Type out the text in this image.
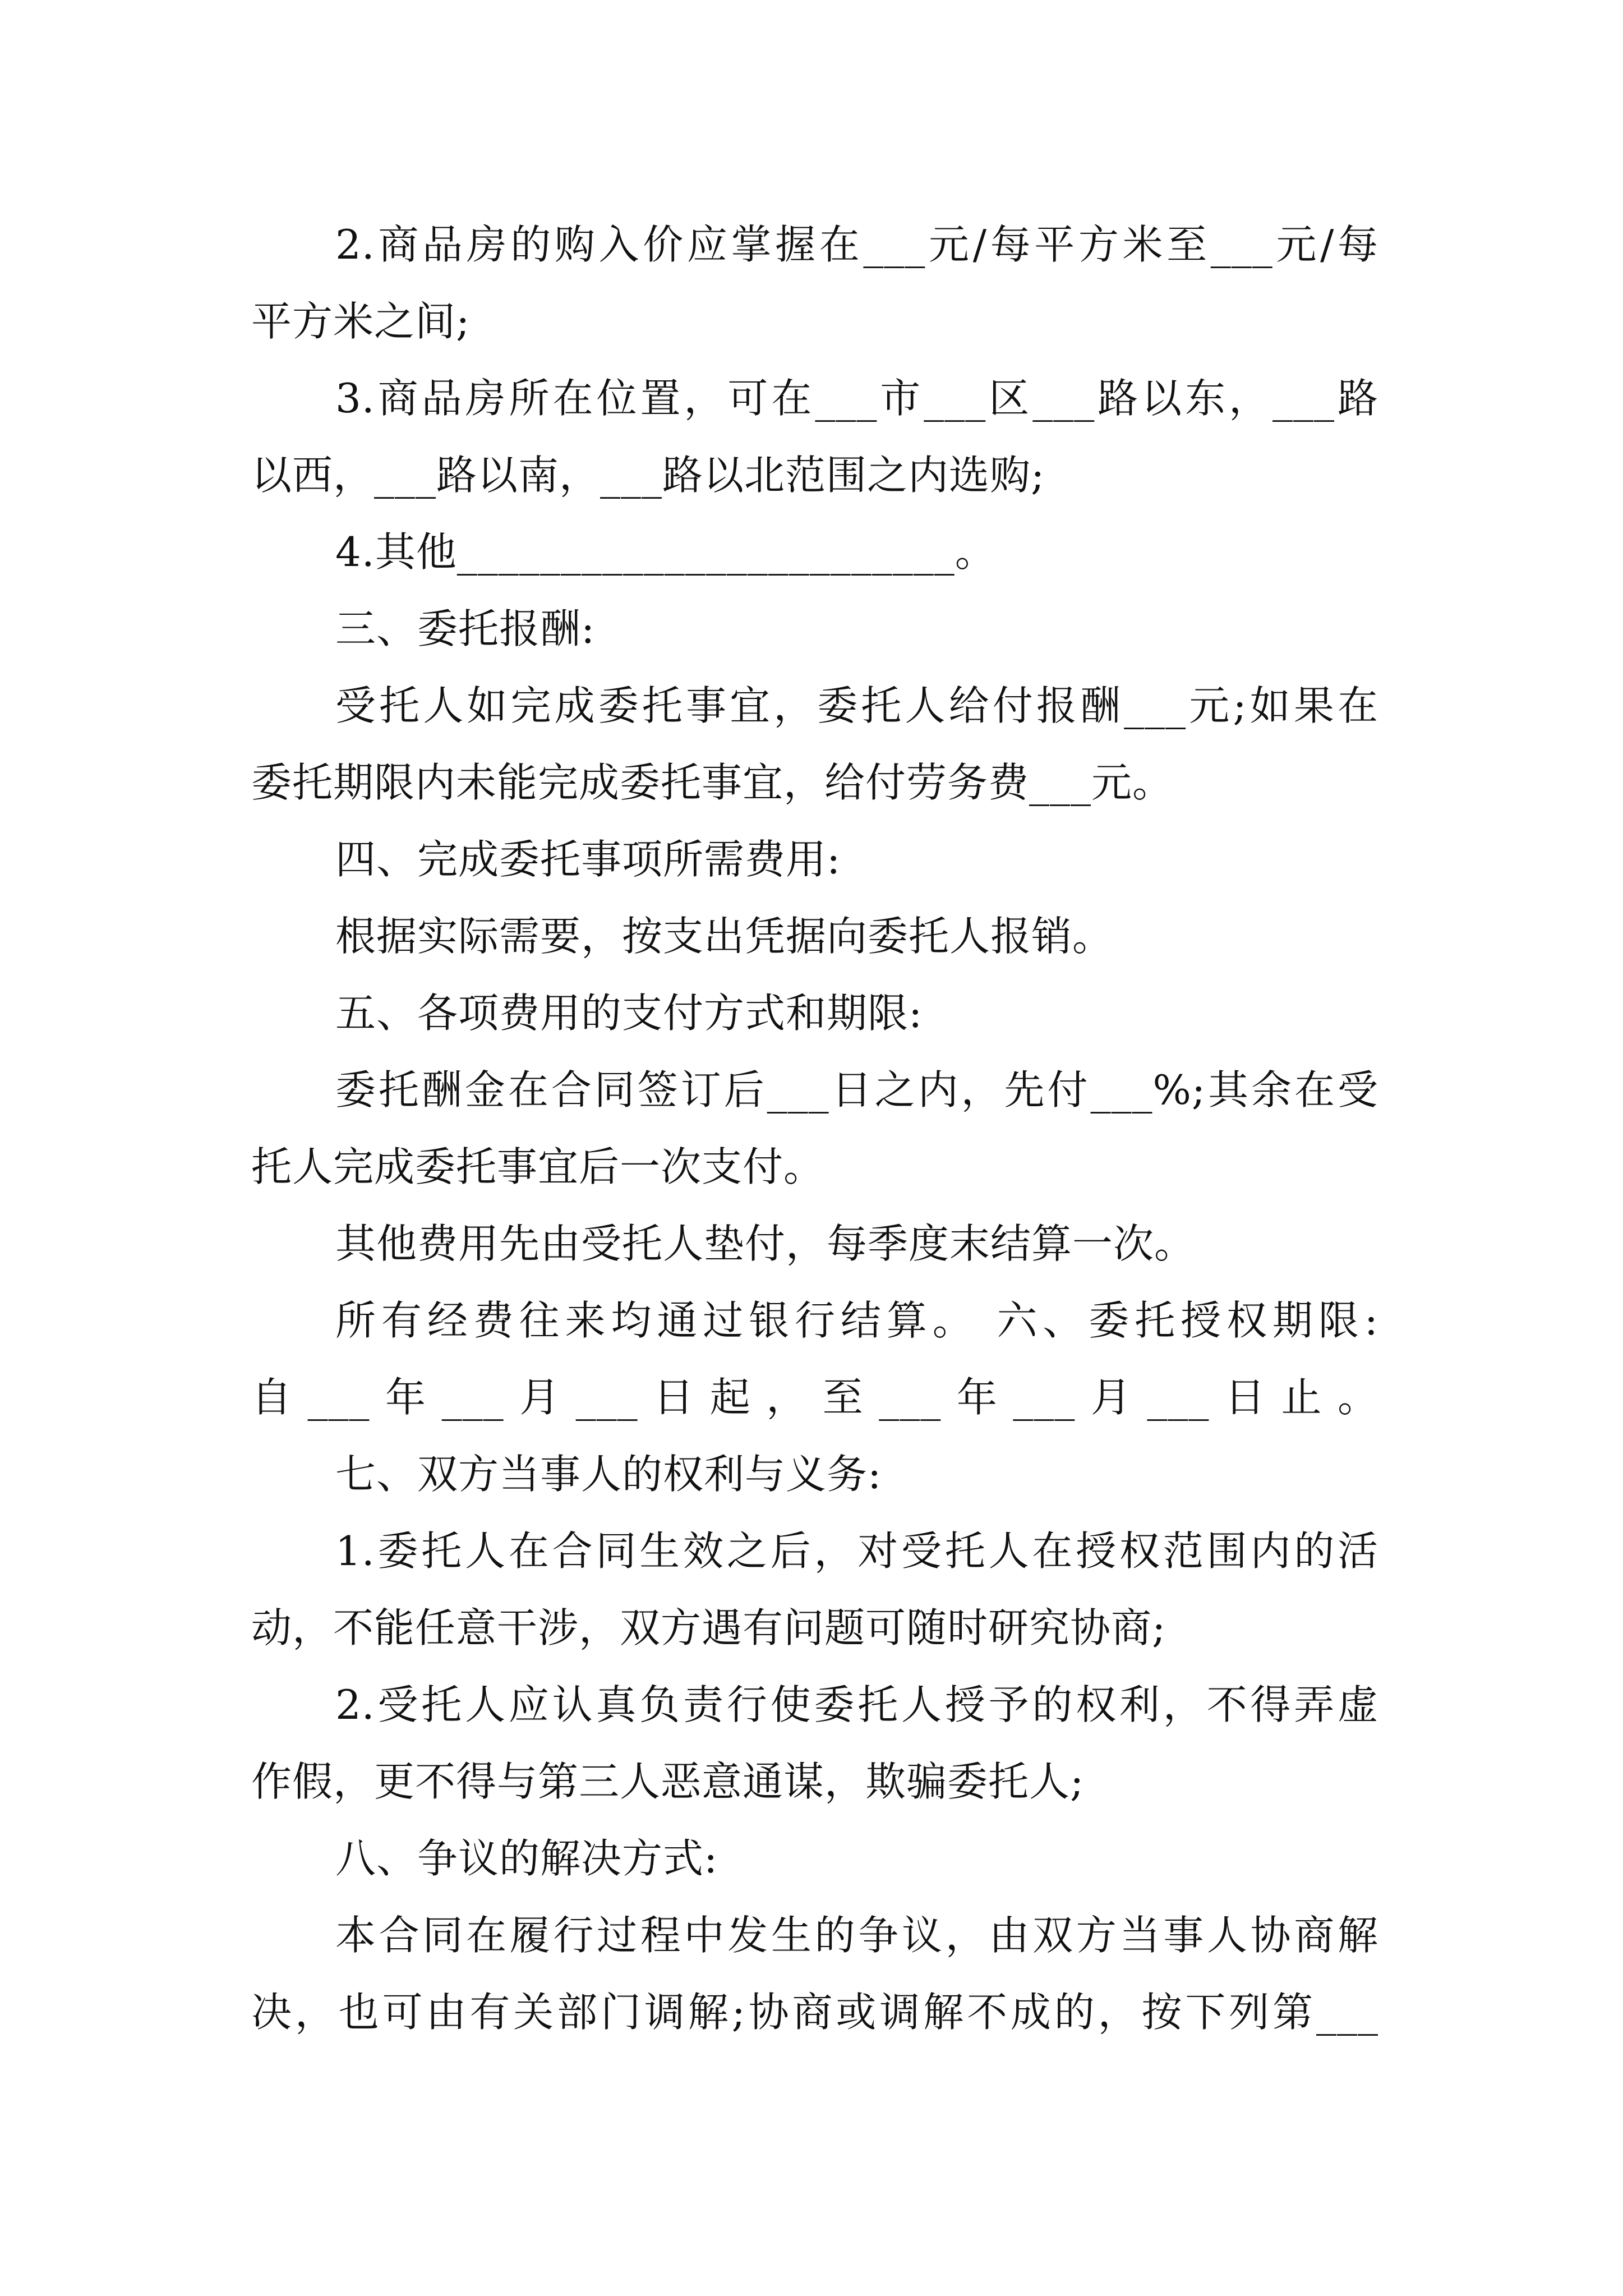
2.商品房的购入价应掌握在___元/每平方米至___元/每
平方米之间;
3.商品房所在位置，可在___市___区___路以东，___路
以西，___路以南，___路以北范围之内选购;
4.其他________________________。
三、委托报酬:
受托人如完成委托事宜，委托人给付报酬___元;如果在
委托期限内未能完成委托事宜，给付劳务费___元。
四、完成委托事项所需费用:
根据实际需要，按支出凭据向委托人报销。
五、各项费用的支付方式和期限:
委托酬金在合同签订后___日之内，先付___%;其余在受
托人完成委托事宜后一次支付。
其他费用先由受托人垫付，每季度末结算一次。
所有经费往来均通过银行结算。 六、委托授权期限:
自___年___月___日起，至___年___月___日止。
七、双方当事人的权利与义务:
1.委托人在合同生效之后，对受托人在授权范围内的活
动，不能任意干涉，双方遇有问题可随时研究协商;
2.受托人应认真负责行使委托人授予的权利，不得弄虚
作假，更不得与第三人恶意通谋，欺骗委托人;
八、争议的解决方式:
本合同在履行过程中发生的争议，由双方当事人协商解
决，也可由有关部门调解;协商或调解不成的，按下列第___
